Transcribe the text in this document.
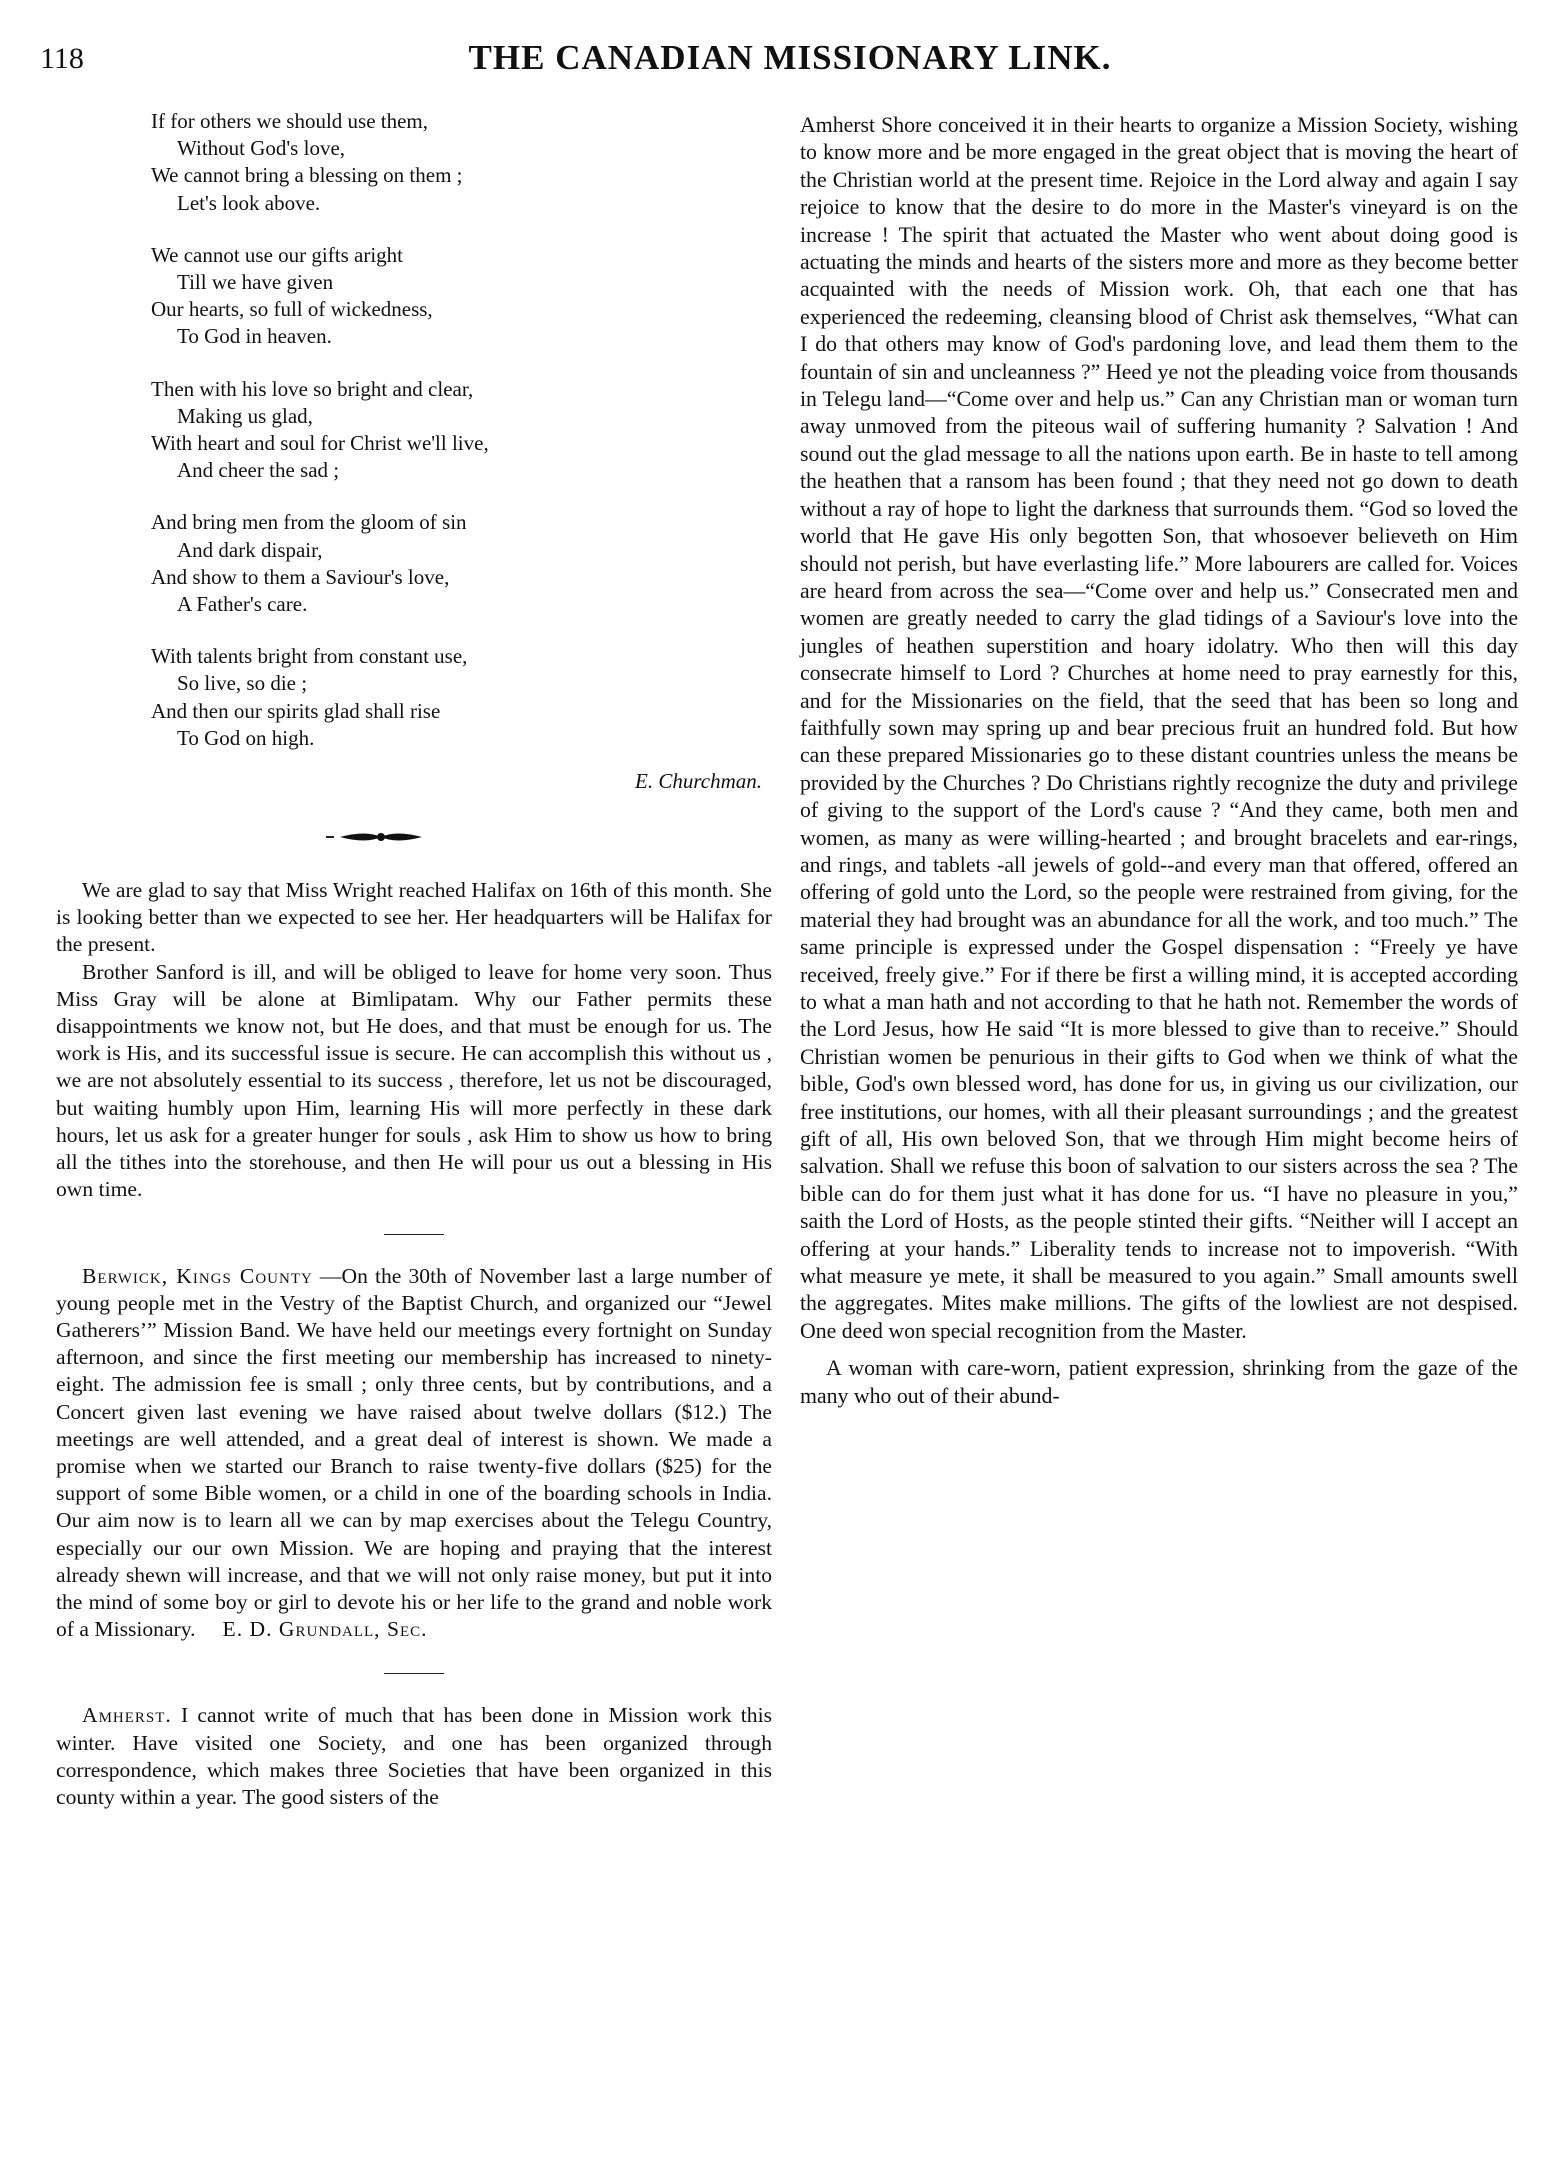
118	THE CANADIAN MISSIONARY LINK.
If for others we should use them,
Without God's love,
We cannot bring a blessing on them ;
Let's look above.
We cannot use our gifts aright
Till we have given
Our hearts, so full of wickedness,
To God in heaven.
Then with his love so bright and clear,
Making us glad,
With heart and soul for Christ we'll live,
And cheer the sad ;
And bring men from the gloom of sin
And dark dispair,
And show to them a Saviour's love,
A Father's care.
With talents bright from constant use,
So live, so die ;
And then our spirits glad shall rise
To God on high.
E. Churchman.

We are glad to say that Miss Wright reached Halifax on 16th of this month. She is looking better than we expected to see her. Her headquarters will be Halifax for the present.

Brother Sanford is ill, and will be obliged to leave for home very soon. Thus Miss Gray will be alone at Bimlipatam. Why our Father permits these disappointments we know not, but He does, and that must be enough for us. The work is His, and its successful issue is secure. He can accomplish this without us , we are not absolutely essential to its success , therefore, let us not be discouraged, but waiting humbly upon Him, learning His will more perfectly in these dark hours, let us ask for a greater hunger for souls , ask Him to show us how to bring all the tithes into the storehouse, and then He will pour us out a blessing in His own time.

Berwick, Kings County —On the 30th of November last a large number of young people met in the Vestry of the Baptist Church, and organized our “Jewel Gatherers’” Mission Band. We have held our meetings every fortnight on Sunday afternoon, and since the first meeting our membership has increased to ninety-eight. The admission fee is small ; only three cents, but by contributions, and a Concert given last evening we have raised about twelve dollars ($12.) The meetings are well attended, and a great deal of interest is shown. We made a promise when we started our Branch to raise twenty-five dollars ($25) for the support of some Bible women, or a child in one of the boarding schools in India. Our aim now is to learn all we can by map exercises about the Telegu Country, especially our our own Mission. We are hoping and praying that the interest already shewn will increase, and that we will not only raise money, but put it into the mind of some boy or girl to devote his or her life to the grand and noble work of a Missionary. E. D. Grundall, Sec.

Amherst. I cannot write of much that has been done in Mission work this winter. Have visited one Society, and one has been organized through correspondence, which makes three Societies that have been organized in this county within a year. The good sisters of the

Amherst Shore conceived it in their hearts to organize a Mission Society, wishing to know more and be more engaged in the great object that is moving the heart of the Christian world at the present time. Rejoice in the Lord alway and again I say rejoice to know that the desire to do more in the Master's vineyard is on the increase ! The spirit that actuated the Master who went about doing good is actuating the minds and hearts of the sisters more and more as they become better acquainted with the needs of Mission work. Oh, that each one that has experienced the redeeming, cleansing blood of Christ ask themselves, “What can I do that others may know of God's pardoning love, and lead them them to the fountain of sin and uncleanness ?” Heed ye not the pleading voice from thousands in Telegu land—“Come over and help us.” Can any Christian man or woman turn away unmoved from the piteous wail of suffering humanity ? Salvation ! And sound out the glad message to all the nations upon earth. Be in haste to tell among the heathen that a ransom has been found ; that they need not go down to death without a ray of hope to light the darkness that surrounds them. “God so loved the world that He gave His only begotten Son, that whosoever believeth on Him should not perish, but have everlasting life.” More labourers are called for. Voices are heard from across the sea—“Come over and help us.” Consecrated men and women are greatly needed to carry the glad tidings of a Saviour's love into the jungles of heathen superstition and hoary idolatry. Who then will this day consecrate himself to Lord ? Churches at home need to pray earnestly for this, and for the Missionaries on the field, that the seed that has been so long and faithfully sown may spring up and bear precious fruit an hundred fold. But how can these prepared Missionaries go to these distant countries unless the means be provided by the Churches ? Do Christians rightly recognize the duty and privilege of giving to the support of the Lord's cause ? “And they came, both men and women, as many as were willing-hearted ; and brought bracelets and ear-rings, and rings, and tablets -all jewels of gold--and every man that offered, offered an offering of gold unto the Lord, so the people were restrained from giving, for the material they had brought was an abundance for all the work, and too much.” The same principle is expressed under the Gospel dispensation : “Freely ye have received, freely give.” For if there be first a willing mind, it is accepted according to what a man hath and not according to that he hath not. Remember the words of the Lord Jesus, how He said “It is more blessed to give than to receive.” Should Christian women be penurious in their gifts to God when we think of what the bible, God's own blessed word, has done for us, in giving us our civilization, our free institutions, our homes, with all their pleasant surroundings ; and the greatest gift of all, His own beloved Son, that we through Him might become heirs of salvation. Shall we refuse this boon of salvation to our sisters across the sea ? The bible can do for them just what it has done for us. “I have no pleasure in you,” saith the Lord of Hosts, as the people stinted their gifts. “Neither will I accept an offering at your hands.” Liberality tends to increase not to impoverish. “With what measure ye mete, it shall be measured to you again.” Small amounts swell the aggregates. Mites make millions. The gifts of the lowliest are not despised. One deed won special recognition from the Master.

A woman with care-worn, patient expression, shrinking from the gaze of the many who out of their abund-
